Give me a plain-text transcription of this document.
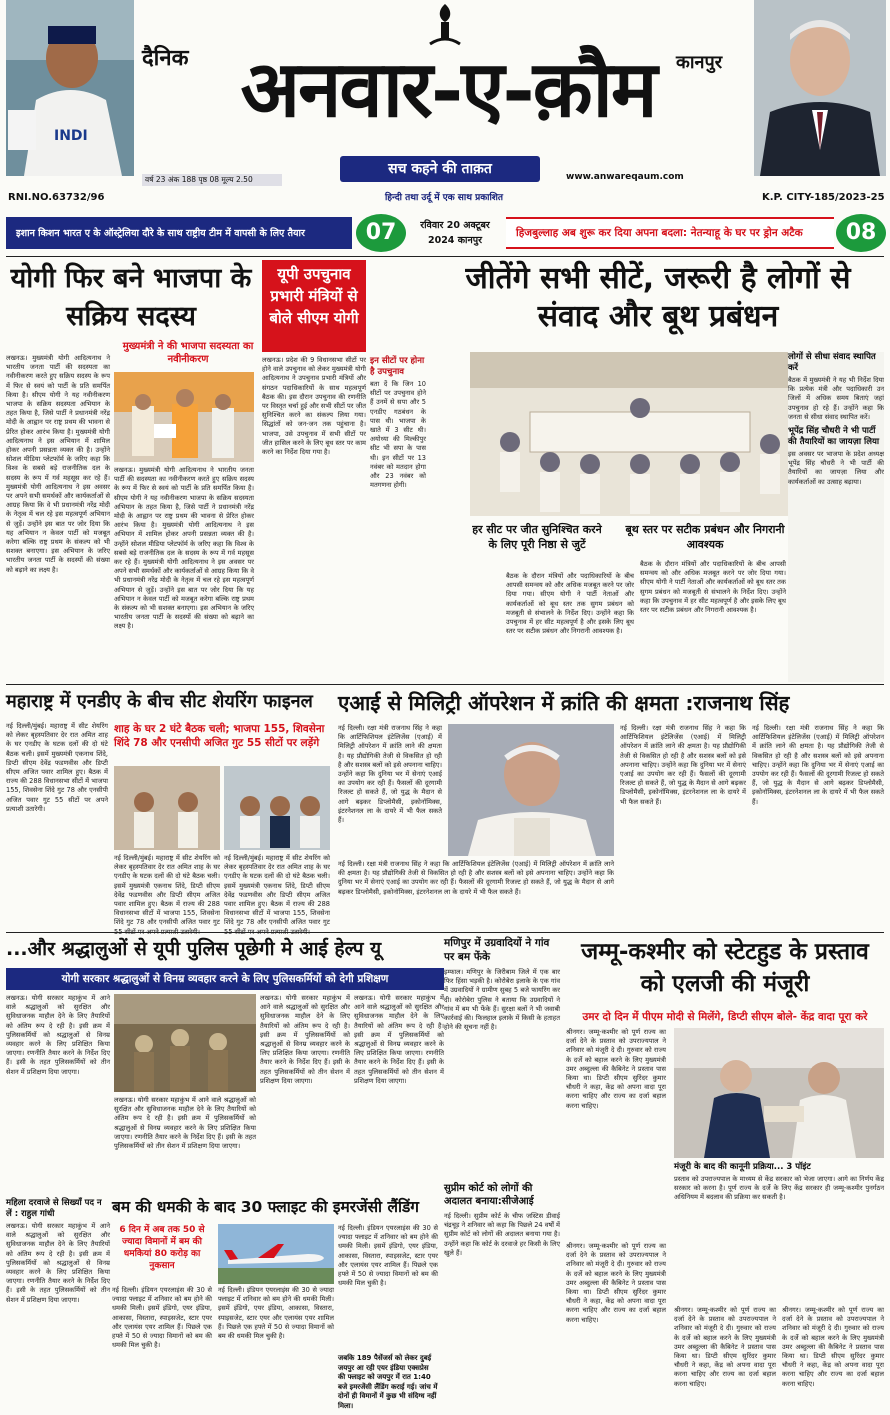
INDI
दैनिक	कानपुर
अनवार-ए-क़ौम
वर्ष 23 अंक 188 पृष्ठ 08 मूल्य 2.50
सच कहने की ताक़त	www.anwareqaum.com
हिन्दी तथा उर्दू में एक साथ प्रकाशित
RNI.NO.63732/96	K.P. CITY-185/2023-25
इशान किशन भारत ए के ऑस्ट्रेलिया दौरे के साथ राष्ट्रीय टीम में वापसी के लिए तैयार	07	रविवार 20 अक्टूबर
2024 कानपुर
हिजबुल्लाह अब शुरू कर दिया अपना बदला: नेतन्याहू के घर पर ड्रोन अटैक	08
योगी फिर बने भाजपा के सक्रिय सदस्य
मुख्यमंत्री ने की भाजपा सदस्यता का नवीनीकरण
लखनऊ। मुख्यमंत्री योगी आदित्यनाथ ने भारतीय जनता पार्टी की सदस्यता का नवीनीकरण करते हुए सक्रिय सदस्य के रूप में फिर से स्वयं को पार्टी के प्रति समर्पित किया है। सीएम योगी ने यह नवीनीकरण भाजपा के सक्रिय सदस्यता अभियान के तहत किया है, जिसे पार्टी ने प्रधानमंत्री नरेंद्र मोदी के आह्वान पर राष्ट्र प्रथम की भावना से प्रेरित होकर आरंभ किया है। मुख्यमंत्री योगी आदित्यनाथ ने इस अभियान में शामिल होकर अपनी प्रसन्नता व्यक्त की है। उन्होंने सोशल मीडिया प्लेटफॉर्म के जरिए कहा कि विश्व के सबसे बड़े राजनीतिक दल के सदस्य के रूप में गर्व महसूस कर रहे हैं। मुख्यमंत्री योगी आदित्यनाथ ने इस अवसर पर अपने सभी समर्थकों और कार्यकर्ताओं से आग्रह किया कि वे भी प्रधानमंत्री नरेंद्र मोदी के नेतृत्व में चल रहे इस महत्वपूर्ण अभियान से जुड़ें। उन्होंने इस बात पर जोर दिया कि यह अभियान न केवल पार्टी को मजबूत करेगा बल्कि राष्ट्र प्रथम के संकल्प को भी सशक्त बनाएगा। इस अभियान के जरिए भारतीय जनता पार्टी के सदस्यों की संख्या को बढ़ाने का लक्ष्य है।
लखनऊ। मुख्यमंत्री योगी आदित्यनाथ ने भारतीय जनता पार्टी की सदस्यता का नवीनीकरण करते हुए सक्रिय सदस्य के रूप में फिर से स्वयं को पार्टी के प्रति समर्पित किया है। सीएम योगी ने यह नवीनीकरण भाजपा के सक्रिय सदस्यता अभियान के तहत किया है, जिसे पार्टी ने प्रधानमंत्री नरेंद्र मोदी के आह्वान पर राष्ट्र प्रथम की भावना से प्रेरित होकर आरंभ किया है। मुख्यमंत्री योगी आदित्यनाथ ने इस अभियान में शामिल होकर अपनी प्रसन्नता व्यक्त की है। उन्होंने सोशल मीडिया प्लेटफॉर्म के जरिए कहा कि विश्व के सबसे बड़े राजनीतिक दल के सदस्य के रूप में गर्व महसूस कर रहे हैं। मुख्यमंत्री योगी आदित्यनाथ ने इस अवसर पर अपने सभी समर्थकों और कार्यकर्ताओं से आग्रह किया कि वे भी प्रधानमंत्री नरेंद्र मोदी के नेतृत्व में चल रहे इस महत्वपूर्ण अभियान से जुड़ें। उन्होंने इस बात पर जोर दिया कि यह अभियान न केवल पार्टी को मजबूत करेगा बल्कि राष्ट्र प्रथम के संकल्प को भी सशक्त बनाएगा। इस अभियान के जरिए भारतीय जनता पार्टी के सदस्यों की संख्या को बढ़ाने का लक्ष्य है।
यूपी उपचुनाव प्रभारी मंत्रियों से बोले सीएम योगी
लखनऊ। प्रदेश की 9 विधानसभा सीटों पर होने वाले उपचुनाव को लेकर मुख्यमंत्री योगी आदित्यनाथ ने उपचुनाव प्रभारी मंत्रियों और संगठन पदाधिकारियों के साथ महत्वपूर्ण बैठक की। इस दौरान उपचुनाव की रणनीति पर विस्तृत चर्चा हुई और सभी सीटों पर जीत सुनिश्चित करने का संकल्प लिया गया। सिद्धांतों को जन-जन तक पहुंचाना है। भाजपा, उसे उपचुनाव में सभी सीटों पर जीत हासिल करने के लिए बूथ स्तर पर काम करने का निर्देश दिया गया है।
इन सीटों पर होना है उपचुनाव
बता दें कि जिन 10 सीटों पर उपचुनाव होने हैं उनमें से सपा और 5 एनडीए गठबंधन के पास थी। भाजपा के खाते में 3 सीट थी। अयोध्या की मिल्कीपुर सीट भी सपा के पास थी। इन सीटों पर 13 नवंबर को मतदान होगा और 23 नवंबर को मतगणना होगी।
जीतेंगे सभी सीटें, जरूरी है लोगों से संवाद और बूथ प्रबंधन
लोगों से सीधा संवाद स्थापित करें
बैठक में मुख्यमंत्री ने यह भी निर्देश दिया कि प्रत्येक मंत्री और पदाधिकारी उन जिलों में अधिक समय बिताएं जहां उपचुनाव हो रहे हैं। उन्होंने कहा कि जनता से सीधा संवाद स्थापित करें।
भूपेंद्र सिंह चौधरी ने भी पार्टी की तैयारियों का जायज़ा लिया
इस अवसर पर भाजपा के प्रदेश अध्यक्ष भूपेंद्र सिंह चौधरी ने भी पार्टी की तैयारियों का जायज़ा लिया और कार्यकर्ताओं का उत्साह बढ़ाया।
हर सीट पर जीत सुनिश्चित करने के लिए पूरी निष्ठा से जुटें
बूथ स्तर पर सटीक प्रबंधन और निगरानी आवश्यक
बैठक के दौरान मंत्रियों और पदाधिकारियों के बीच आपसी समन्वय को और अधिक मजबूत करने पर जोर दिया गया। सीएम योगी ने पार्टी नेताओं और कार्यकर्ताओं को बूथ स्तर तक सुगम प्रबंधन को मजबूती से संभालने के निर्देश दिए। उन्होंने कहा कि उपचुनाव में हर सीट महत्वपूर्ण है और इसके लिए बूथ स्तर पर सटीक प्रबंधन और निगरानी आवश्यक है।
बैठक के दौरान मंत्रियों और पदाधिकारियों के बीच आपसी समन्वय को और अधिक मजबूत करने पर जोर दिया गया। सीएम योगी ने पार्टी नेताओं और कार्यकर्ताओं को बूथ स्तर तक सुगम प्रबंधन को मजबूती से संभालने के निर्देश दिए। उन्होंने कहा कि उपचुनाव में हर सीट महत्वपूर्ण है और इसके लिए बूथ स्तर पर सटीक प्रबंधन और निगरानी आवश्यक है।
महाराष्ट्र में एनडीए के बीच सीट शेयरिंग फाइनल
नई दिल्ली/मुंबई। महाराष्ट्र में सीट शेयरिंग को लेकर बृहस्पतिवार देर रात अमित शाह के घर एनडीए के घटक दलों की दो घंटे बैठक चली। इसमें मुख्यमंत्री एकनाथ शिंदे, डिप्टी सीएम देवेंद्र फडणवीस और डिप्टी सीएम अजित पवार शामिल हुए। बैठक में राज्य की 288 विधानसभा सीटों में भाजपा 155, शिवसेना शिंदे गुट 78 और एनसीपी अजित पवार गुट 55 सीटों पर अपने प्रत्याशी उतारेगी।
शाह के घर 2 घंटे बैठक चली; भाजपा 155, शिवसेना शिंदे 78 और एनसीपी अजित गुट 55 सीटों पर लड़ेंगे
नई दिल्ली/मुंबई। महाराष्ट्र में सीट शेयरिंग को लेकर बृहस्पतिवार देर रात अमित शाह के घर एनडीए के घटक दलों की दो घंटे बैठक चली। इसमें मुख्यमंत्री एकनाथ शिंदे, डिप्टी सीएम देवेंद्र फडणवीस और डिप्टी सीएम अजित पवार शामिल हुए। बैठक में राज्य की 288 विधानसभा सीटों में भाजपा 155, शिवसेना शिंदे गुट 78 और एनसीपी अजित पवार गुट
नई दिल्ली/मुंबई। महाराष्ट्र में सीट शेयरिंग को लेकर बृहस्पतिवार देर रात अमित शाह के घर एनडीए के घटक दलों की दो घंटे बैठक चली। इसमें मुख्यमंत्री एकनाथ शिंदे, डिप्टी सीएम देवेंद्र फडणवीस और डिप्टी सीएम अजित पवार शामिल हुए। बैठक में राज्य की 288 विधानसभा सीटों में भाजपा 155, शिवसेना शिंदे गुट 78 और एनसीपी अजित पवार गुट
एआई से मिलिट्री ऑपरेशन में क्रांति की क्षमता :राजनाथ सिंह
नई दिल्ली। रक्षा मंत्री राजनाथ सिंह ने कहा कि आर्टिफिशियल इंटेलिजेंस (एआई) में मिलिट्री ऑपरेशन में क्रांति लाने की क्षमता है। यह प्रौद्योगिकी तेजी से विकसित हो रही है और सशस्त्र बलों को इसे अपनाना चाहिए। उन्होंने कहा कि दुनिया भर में सेनाएं एआई का उपयोग कर रही हैं। फैसलों की दूरगामी रिजल्ट हो सकते हैं, जो युद्ध के मैदान से आगे बढ़कर डिप्लोमैसी, इकोनॉमिक्स, इंटरनेशनल ला के दायरे में भी फैल सकते हैं।
नई दिल्ली। रक्षा मंत्री राजनाथ सिंह ने कहा कि आर्टिफिशियल इंटेलिजेंस (एआई) में मिलिट्री ऑपरेशन में क्रांति लाने की क्षमता है। यह प्रौद्योगिकी तेजी से विकसित हो रही है और सशस्त्र बलों को इसे अपनाना चाहिए। उन्होंने कहा कि दुनिया भर में सेनाएं एआई का उपयोग कर रही हैं। फैसलों की दूरगामी रिजल्ट हो सकते हैं, जो युद्ध के मैदान से आगे बढ़कर डिप्लोमैसी, इकोनॉमिक्स, इंटरनेशनल ला के दायरे में भी फैल सकते हैं।
नई दिल्ली। रक्षा मंत्री राजनाथ सिंह ने कहा कि आर्टिफिशियल इंटेलिजेंस (एआई) में मिलिट्री ऑपरेशन में क्रांति लाने की क्षमता है। यह प्रौद्योगिकी तेजी से विकसित हो रही है और सशस्त्र बलों को इसे अपनाना चाहिए। उन्होंने कहा कि दुनिया भर में सेनाएं एआई का उपयोग कर रही हैं। फैसलों की दूरगामी रिजल्ट हो सकते हैं, जो युद्ध के मैदान से आगे बढ़कर डिप्लोमैसी, इकोनॉमिक्स, इंटरनेशनल ला के दायरे में भी फैल सकते हैं।
नई दिल्ली। रक्षा मंत्री राजनाथ सिंह ने कहा कि आर्टिफिशियल इंटेलिजेंस (एआई) में मिलिट्री ऑपरेशन में क्रांति लाने की क्षमता है। यह प्रौद्योगिकी तेजी से विकसित हो रही है और सशस्त्र बलों को इसे अपनाना चाहिए। उन्होंने कहा कि दुनिया भर में सेनाएं एआई का उपयोग कर रही हैं। फैसलों की दूरगामी रिजल्ट हो सकते हैं, जो युद्ध के मैदान से आगे बढ़कर डिप्लोमैसी, इकोनॉमिक्स, इंटरनेशनल ला के दायरे में भी फैल सकते हैं।
...और श्रद्धालुओं से यूपी पुलिस पूछेगी मे आई हेल्प यू
योगी सरकार श्रद्धालुओं से विनम्र व्यवहार करने के लिए पुलिसकर्मियों को देगी प्रशिक्षण
लखनऊ। योगी सरकार महाकुंभ में आने वाले श्रद्धालुओं को सुरक्षित और सुविधाजनक माहौल देने के लिए तैयारियों को अंतिम रूप दे रही है। इसी क्रम में पुलिसकर्मियों को श्रद्धालुओं से विनम्र व्यवहार करने के लिए प्रशिक्षित किया जाएगा। रणनीति तैयार करने के निर्देश दिए हैं। इसी के तहत पुलिसकर्मियों को तीन सेशन में प्रशिक्षण दिया जाएगा।
लखनऊ। योगी सरकार महाकुंभ में आने वाले श्रद्धालुओं को सुरक्षित और सुविधाजनक माहौल देने के लिए तैयारियों को अंतिम रूप दे रही है। इसी क्रम में पुलिसकर्मियों को श्रद्धालुओं से विनम्र व्यवहार करने के लिए प्रशिक्षित किया जाएगा। रणनीति तैयार करने के निर्देश दिए हैं। इसी के तहत पुलिसकर्मियों को तीन सेशन में प्रशिक्षण दिया जाएगा।
लखनऊ। योगी सरकार महाकुंभ में आने वाले श्रद्धालुओं को सुरक्षित और सुविधाजनक माहौल देने के लिए तैयारियों को अंतिम रूप दे रही है। इसी क्रम में पुलिसकर्मियों को श्रद्धालुओं से विनम्र व्यवहार करने के लिए प्रशिक्षित किया जाएगा। रणनीति तैयार करने के निर्देश दिए हैं। इसी के तहत पुलिसकर्मियों को तीन सेशन में प्रशिक्षण दिया जाएगा।
लखनऊ। योगी सरकार महाकुंभ में आने वाले श्रद्धालुओं को सुरक्षित और सुविधाजनक माहौल देने के लिए तैयारियों को अंतिम रूप दे रही है। इसी क्रम में पुलिसकर्मियों को श्रद्धालुओं से विनम्र व्यवहार करने के लिए प्रशिक्षित किया जाएगा। रणनीति तैयार करने के निर्देश दिए हैं। इसी के तहत पुलिसकर्मियों को तीन सेशन में प्रशिक्षण दिया जाएगा।
महिला दरवाजे से सिख्याँ पद न लें : राहुल गांधी
लखनऊ। योगी सरकार महाकुंभ में आने वाले श्रद्धालुओं को सुरक्षित और सुविधाजनक माहौल देने के लिए तैयारियों को अंतिम रूप दे रही है। इसी क्रम में पुलिसकर्मियों को श्रद्धालुओं से विनम्र व्यवहार करने के लिए प्रशिक्षित किया जाएगा। रणनीति तैयार करने के निर्देश दिए हैं। इसी के तहत पुलिसकर्मियों को तीन सेशन में प्रशिक्षण दिया जाएगा।
बम की धमकी के बाद 30 फ्लाइट की इमरजेंसी लैंडिंग
6 दिन में अब तक 50 से ज्यादा विमानों में बम की धमकियां 80 करोड़ का नुकसान
नई दिल्ली। इंडियन एयरलाइंस की 30 से ज्यादा फ्लाइट में शनिवार को बम होने की धमकी मिली। इसमें इंडिगो, एयर इंडिया, आकासा, विस्तारा, स्पाइसजेट, स्टार एयर और एलायंस एयर शामिल हैं। पिछले एक हफ्ते में 50 से ज्यादा विमानों को बम की धमकी मिल चुकी है।
नई दिल्ली। इंडियन एयरलाइंस की 30 से ज्यादा फ्लाइट में शनिवार को बम होने की धमकी मिली। इसमें इंडिगो, एयर इंडिया, आकासा, विस्तारा, स्पाइसजेट, स्टार एयर और एलायंस एयर शामिल हैं। पिछले एक हफ्ते में 50 से ज्यादा विमानों को बम की धमकी मिल चुकी है।
नई दिल्ली। इंडियन एयरलाइंस की 30 से ज्यादा फ्लाइट में शनिवार को बम होने की धमकी मिली। इसमें इंडिगो, एयर इंडिया, आकासा, विस्तारा, स्पाइसजेट, स्टार एयर और एलायंस एयर शामिल हैं। पिछले एक हफ्ते में 50 से ज्यादा विमानों को बम की धमकी मिल चुकी है।
जबकि 189 पैसेंजर्स को लेकर दुबई जयपुर आ रही एयर इंडिया एक्सप्रेस की फ्लाइट को जयपुर में रात 1:40 बजे इमरजेंसी लैंडिंग कराई गई। जांच में दोनों ही विमानों में कुछ भी संदिग्ध नहीं मिला।
मणिपुर में उग्रवादियों ने गांव पर बम फेंके
इम्फाल। मणिपुर के जिरीबाम जिले में एक बार फिर हिंसा भड़की है। कोरोबेरा इलाके के एक गांव में उग्रवादियों ने ग्रामीण सुबह 5 बजे फायरिंग कर दी। कोरोबेरा पुलिस ने बताया कि उग्रवादियों ने गांव में बम भी फेंके हैं। सुरक्षा बलों ने भी जवाबी कार्रवाई की। फिलहाल इलाके में किसी के हताहत होने की सूचना नहीं है।
सुप्रीम कोर्ट को लोगों की अदालत बनाया:सीजेआई
नई दिल्ली। सुप्रीम कोर्ट के चीफ जस्टिस डीवाई चंद्रचूड़ ने शनिवार को कहा कि पिछले 24 वर्षों में सुप्रीम कोर्ट को लोगों की अदालत बनाया गया है। उन्होंने कहा कि कोर्ट के दरवाजे हर किसी के लिए खुले हैं।
जम्मू-कश्मीर को स्टेटहुड के प्रस्ताव को एलजी की मंजूरी
उमर दो दिन में पीएम मोदी से मिलेंगे, डिप्टी सीएम बोले- केंद्र वादा पूरा करे
श्रीनगर। जम्मू-कश्मीर को पूर्ण राज्य का दर्जा देने के प्रस्ताव को उपराज्यपाल ने शनिवार को मंजूरी दे दी। गुरुवार को राज्य के दर्जे को बहाल करने के लिए मुख्यमंत्री उमर अब्दुल्ला की कैबिनेट ने प्रस्ताव पास किया था। डिप्टी सीएम सुरिंदर कुमार चौधरी ने कहा, केंद्र को अपना वादा पूरा करना चाहिए और राज्य का दर्जा बहाल करना चाहिए।
मंजूरी के बाद की कानूनी प्रक्रिया... 3 पॉइंट
प्रस्ताव को उपराज्यपाल के माध्यम से केंद्र सरकार को भेजा जाएगा। आगे का निर्णय केंद्र सरकार को करना है। पूर्ण राज्य के दर्जे के लिए केंद्र सरकार ही जम्मू-कश्मीर पुनर्गठन अधिनियम में बदलाव की प्रक्रिया कर सकती है।
श्रीनगर। जम्मू-कश्मीर को पूर्ण राज्य का दर्जा देने के प्रस्ताव को उपराज्यपाल ने शनिवार को मंजूरी दे दी। गुरुवार को राज्य के दर्जे को बहाल करने के लिए मुख्यमंत्री उमर अब्दुल्ला की कैबिनेट ने प्रस्ताव पास किया था। डिप्टी सीएम सुरिंदर कुमार चौधरी ने कहा, केंद्र को अपना वादा पूरा करना चाहिए और राज्य का दर्जा बहाल करना चाहिए।
श्रीनगर। जम्मू-कश्मीर को पूर्ण राज्य का दर्जा देने के प्रस्ताव को उपराज्यपाल ने शनिवार को मंजूरी दे दी। गुरुवार को राज्य के दर्जे को बहाल करने के लिए मुख्यमंत्री उमर अब्दुल्ला की कैबिनेट ने प्रस्ताव पास किया था। डिप्टी सीएम सुरिंदर कुमार चौधरी ने कहा, केंद्र को अपना वादा पूरा करना चाहिए और राज्य का दर्जा बहाल करना चाहिए।
श्रीनगर। जम्मू-कश्मीर को पूर्ण राज्य का दर्जा देने के प्रस्ताव को उपराज्यपाल ने शनिवार को मंजूरी दे दी। गुरुवार को राज्य के दर्जे को बहाल करने के लिए मुख्यमंत्री उमर अब्दुल्ला की कैबिनेट ने प्रस्ताव पास किया था। डिप्टी सीएम सुरिंदर कुमार चौधरी ने कहा, केंद्र को अपना वादा पूरा करना चाहिए और राज्य का दर्जा बहाल करना चाहिए।
